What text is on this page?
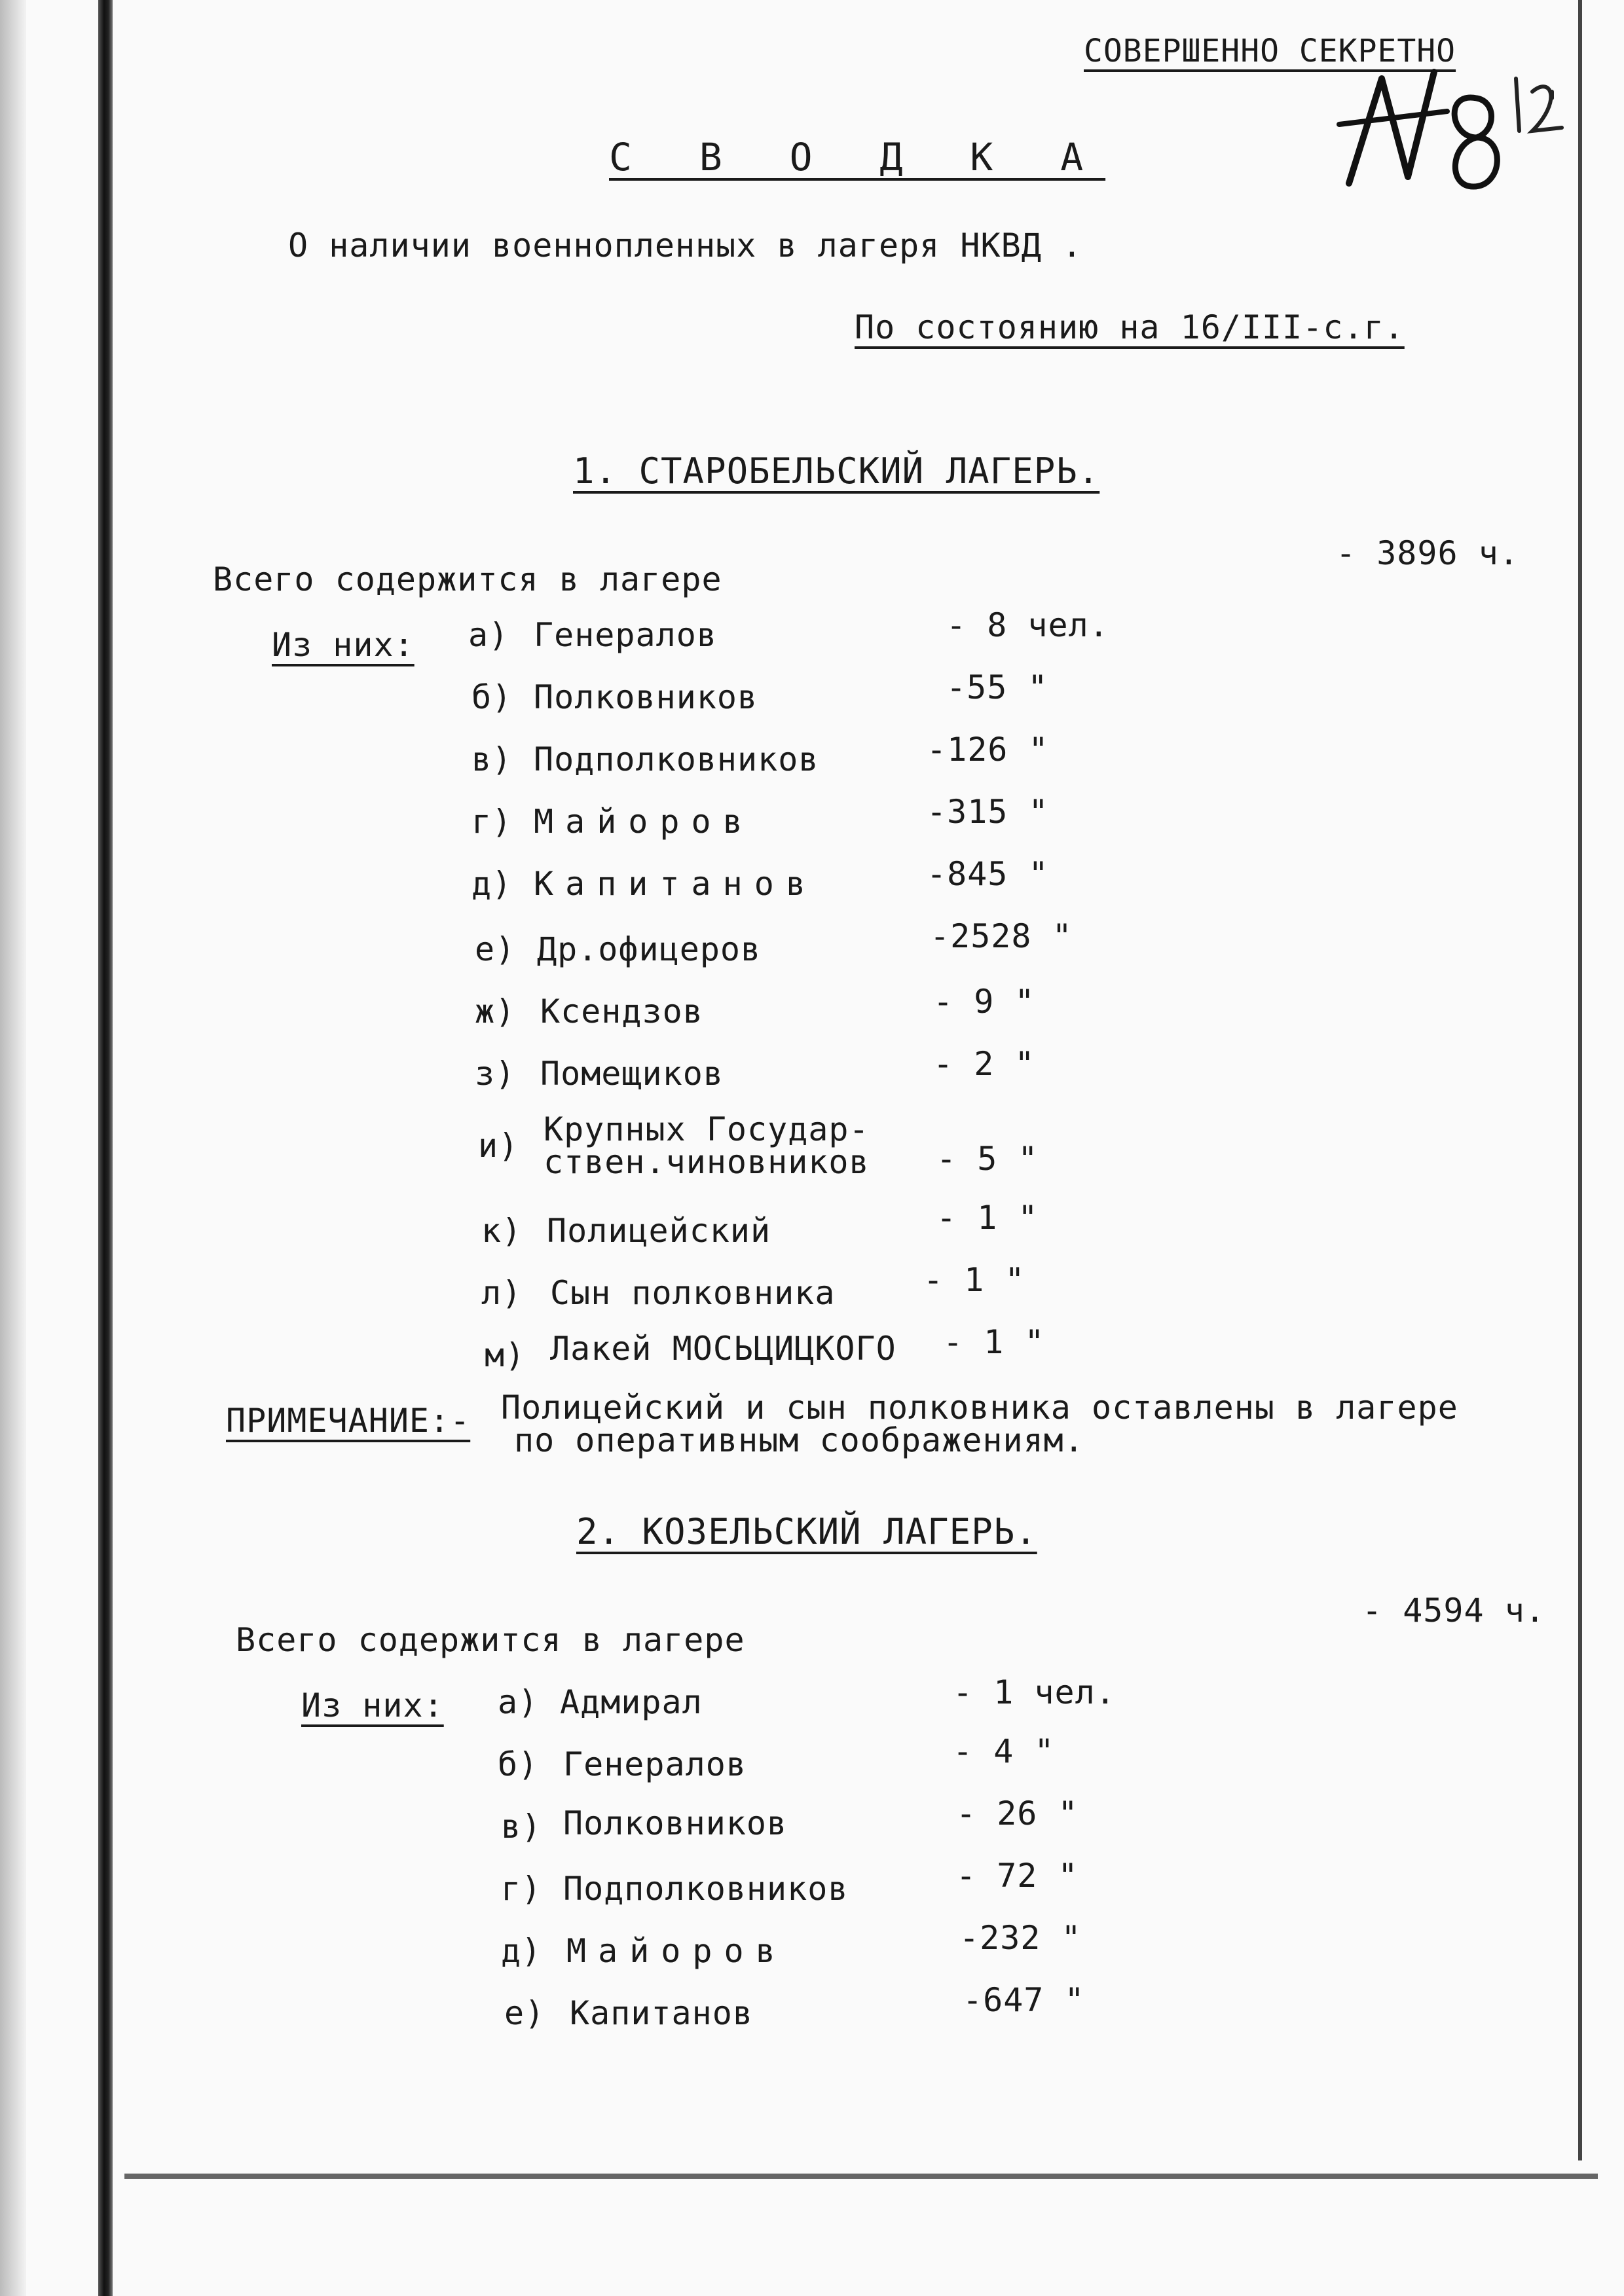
СОВЕРШЕННО СЕКРЕТНО
№ 8 121
С В О Д К А
О наличии военнопленных в лагеря НКВД .
По состоянию на 16/III-с.г.
1. СТАРОБЕЛЬСКИЙ ЛАГЕРЬ.
- 3896 ч.
Всего содержится в лагере
Из них: а) Генералов	- 8 чел.
б) Полковников	-55 "
в) Подполковников	-126 "
г) Майоров	-315 "
д) Капитанов	-845 "
е) Др.офицеров	-2528 "
ж) Ксендзов	- 9 "
з) Помещиков	- 2 "
и) Крупных Государ-
ствен.чиновников - 5 "
к) Полицейский	- 1 "
л) Сын полковника	- 1 "
м) Лакей МОСЬЦИЦКОГО - 1 "
ПРИМЕЧАНИЕ:- Полицейский и сын полковника оставлены в лагере
по оперативным соображениям.
2. КОЗЕЛЬСКИЙ ЛАГЕРЬ.
- 4594 ч.
Всего содержится в лагере
Из них: а) Адмирал	- 1 чел.
б) Генералов	- 4 "
в) Полковников	- 26 "
г) Подполковников	- 72 "
д) Майоров	-232 "
е) Капитанов	-647 "
